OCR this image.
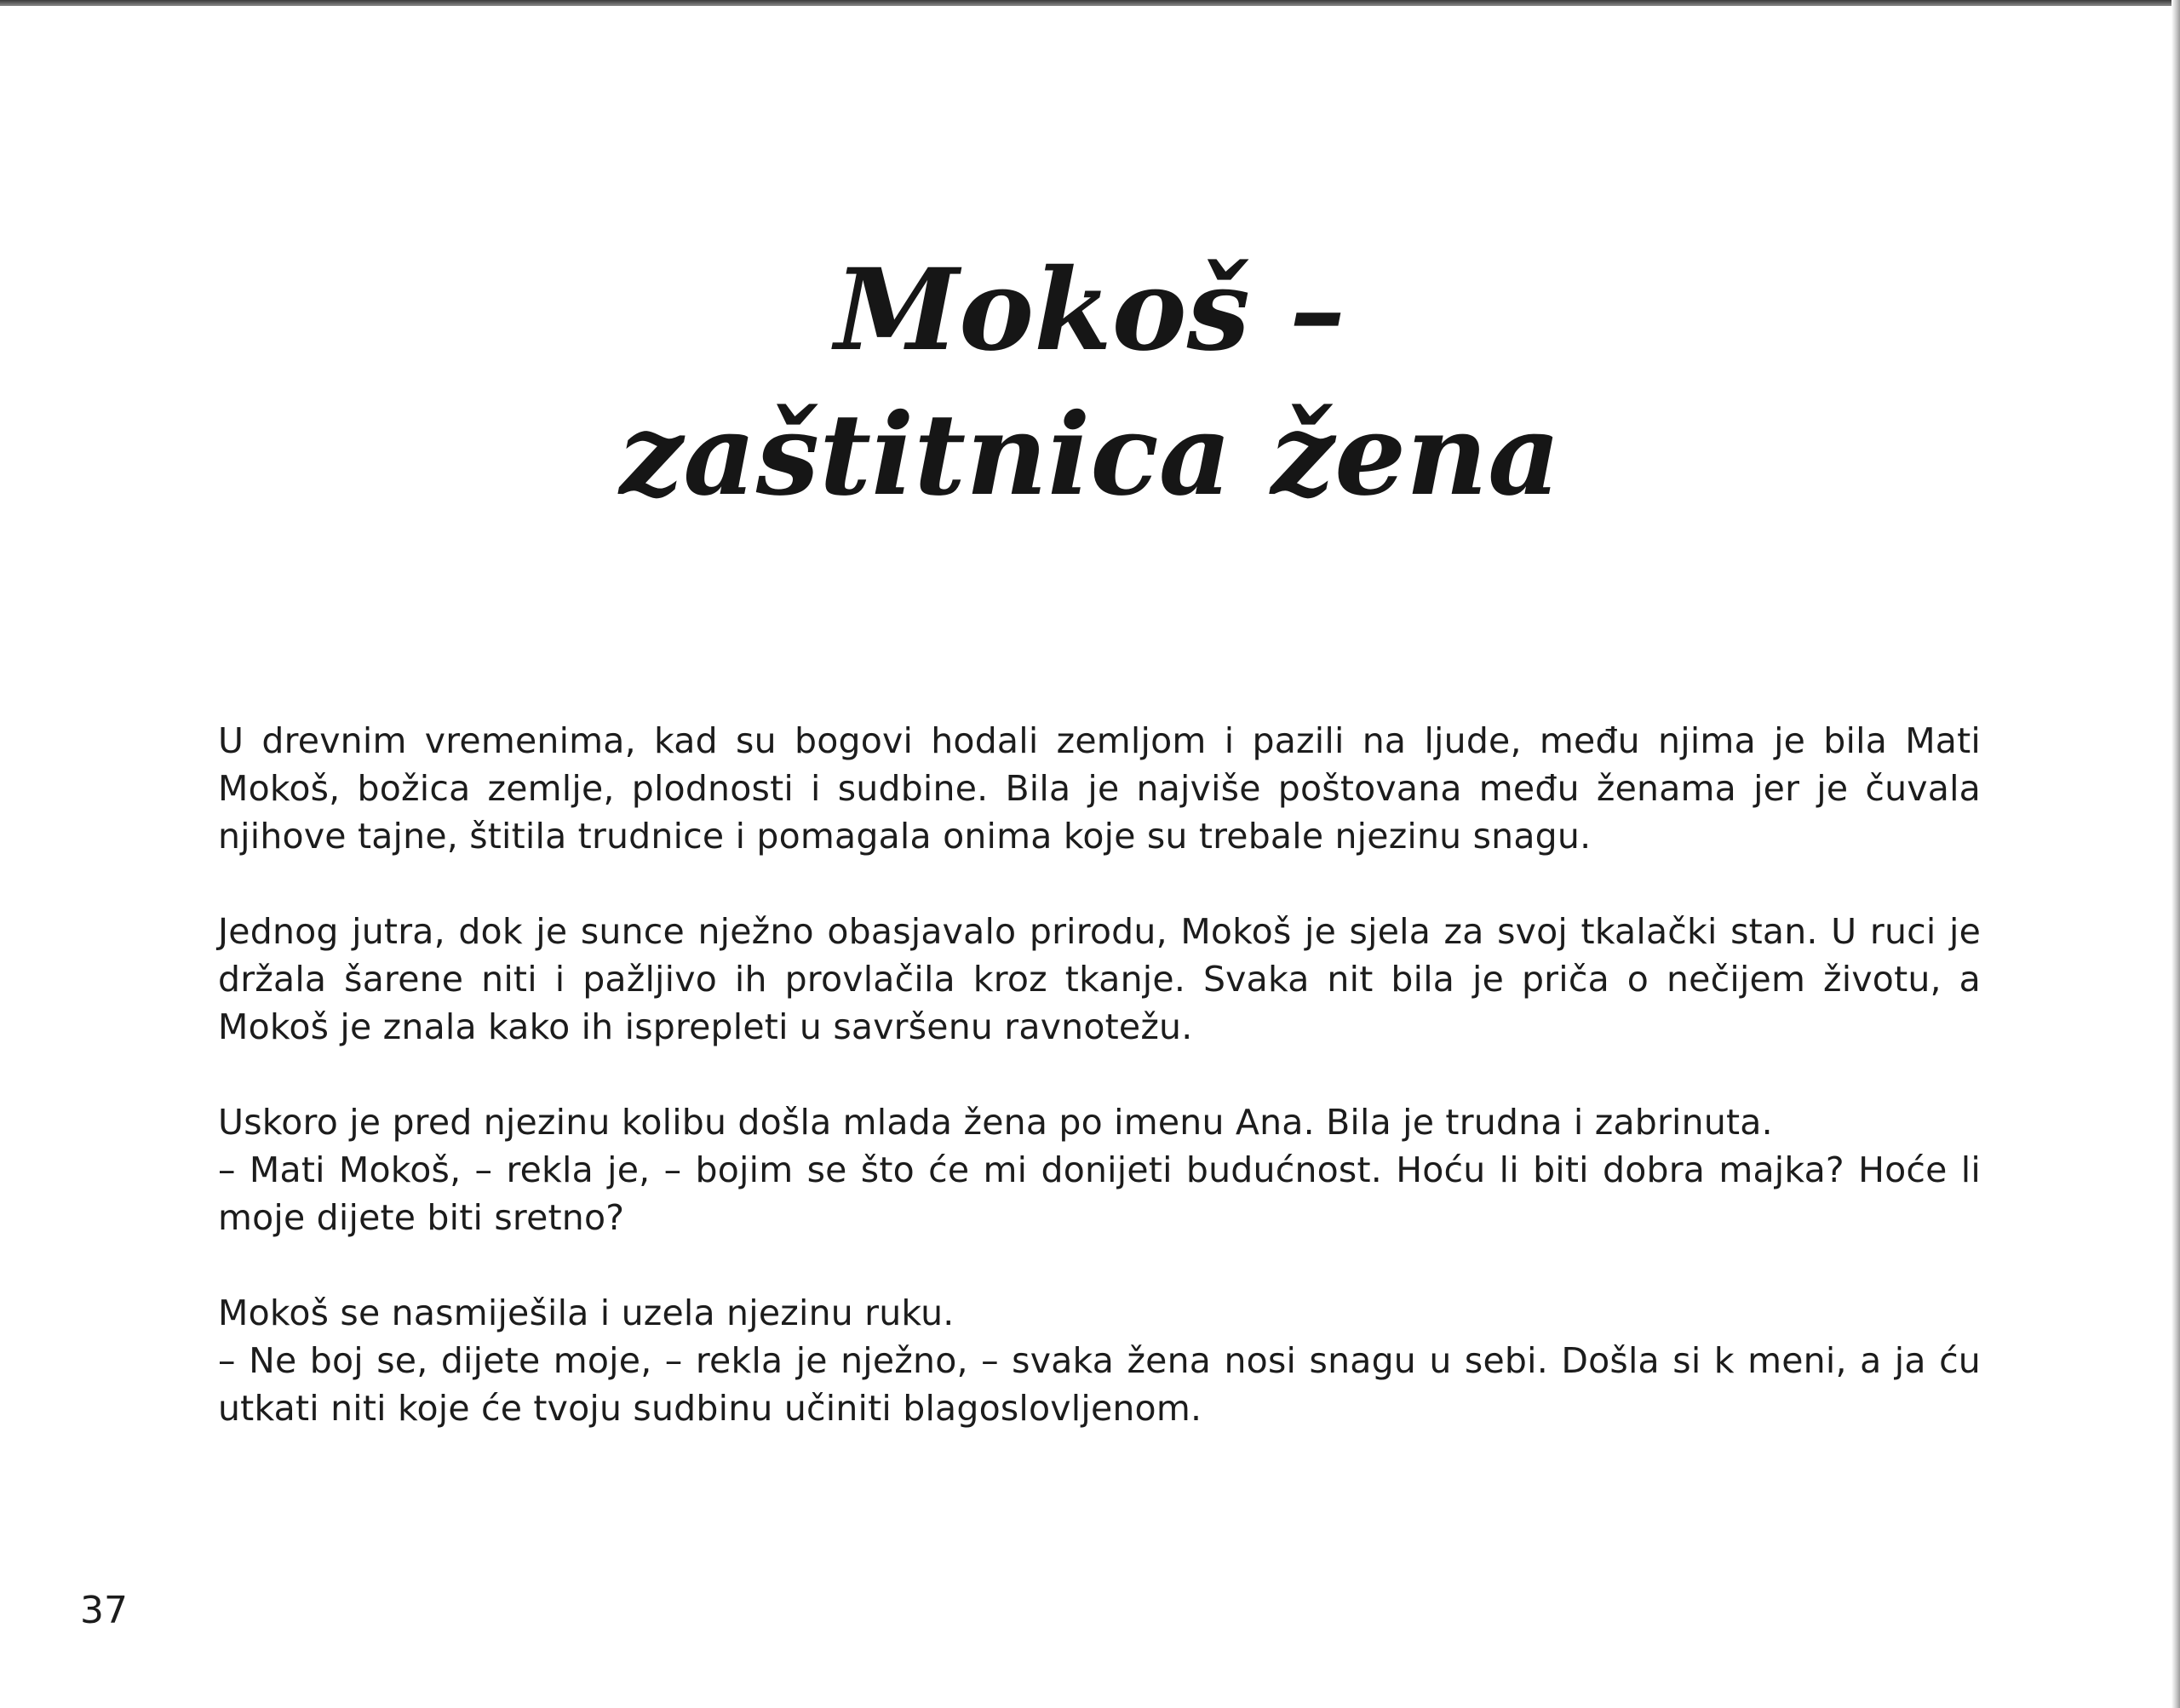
Mokoš –
zaštitnica žena

U drevnim vremenima, kad su bogovi hodali zemljom i pazili na ljude, među njima je bila Mati Mokoš, božica zemlje, plodnosti i sudbine. Bila je najviše poštovana među ženama jer je čuvala njihove tajne, štitila trudnice i pomagala onima koje su trebale njezinu snagu.

Jednog jutra, dok je sunce nježno obasjavalo prirodu, Mokoš je sjela za svoj tkalački stan. U ruci je držala šarene niti i pažljivo ih provlačila kroz tkanje. Svaka nit bila je priča o nečijem životu, a Mokoš je znala kako ih isprepleti u savršenu ravnotežu.

Uskoro je pred njezinu kolibu došla mlada žena po imenu Ana. Bila je trudna i zabrinuta.
– Mati Mokoš, – rekla je, – bojim se što će mi donijeti budućnost. Hoću li biti dobra majka? Hoće li moje dijete biti sretno?

Mokoš se nasmiješila i uzela njezinu ruku.
– Ne boj se, dijete moje, – rekla je nježno, – svaka žena nosi snagu u sebi. Došla si k meni, a ja ću utkati niti koje će tvoju sudbinu učiniti blagoslovljenom.

37
